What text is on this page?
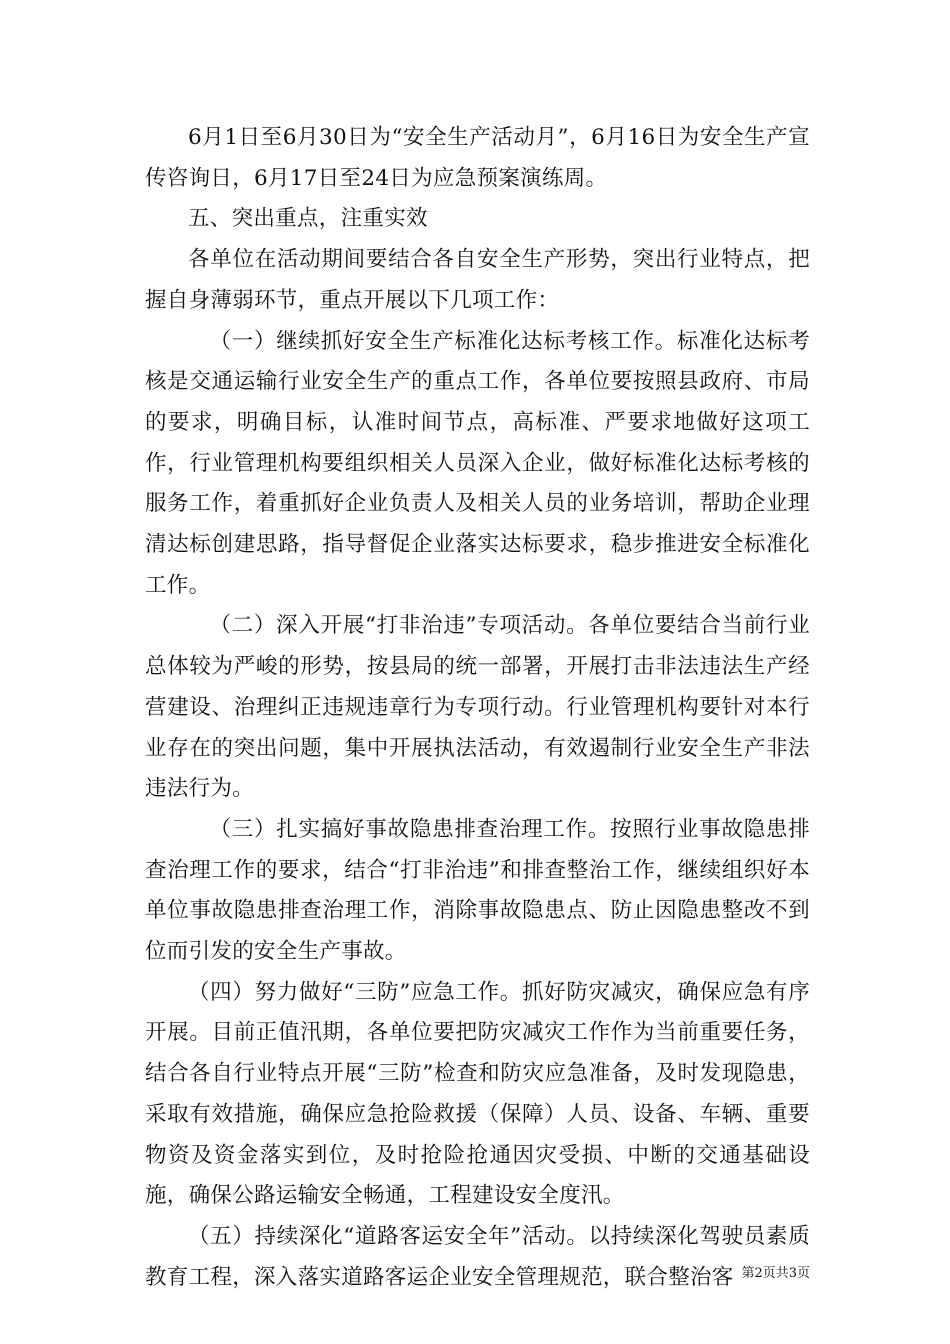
6月1日至6月30日为“安全生产活动月”，6月16日为安全生产宣传咨询日，6月17日至24日为应急预案演练周。

五、突出重点，注重实效

各单位在活动期间要结合各自安全生产形势，突出行业特点，把握自身薄弱环节，重点开展以下几项工作：

（一）继续抓好安全生产标准化达标考核工作。标准化达标考核是交通运输行业安全生产的重点工作，各单位要按照县政府、市局的要求，明确目标，认准时间节点，高标准、严要求地做好这项工作，行业管理机构要组织相关人员深入企业，做好标准化达标考核的服务工作，着重抓好企业负责人及相关人员的业务培训，帮助企业理清达标创建思路，指导督促企业落实达标要求，稳步推进安全标准化工作。

（二）深入开展“打非治违”专项活动。各单位要结合当前行业总体较为严峻的形势，按县局的统一部署，开展打击非法违法生产经营建设、治理纠正违规违章行为专项行动。行业管理机构要针对本行业存在的突出问题，集中开展执法活动，有效遏制行业安全生产非法违法行为。

（三）扎实搞好事故隐患排查治理工作。按照行业事故隐患排查治理工作的要求，结合“打非治违”和排查整治工作，继续组织好本单位事故隐患排查治理工作，消除事故隐患点、防止因隐患整改不到位而引发的安全生产事故。

（四）努力做好“三防”应急工作。抓好防灾减灾，确保应急有序开展。目前正值汛期，各单位要把防灾减灾工作作为当前重要任务，结合各自行业特点开展“三防”检查和防灾应急准备，及时发现隐患，采取有效措施，确保应急抢险救援（保障）人员、设备、车辆、重要物资及资金落实到位，及时抢险抢通因灾受损、中断的交通基础设施，确保公路运输安全畅通，工程建设安全度汛。

（五）持续深化“道路客运安全年”活动。以持续深化驾驶员素质教育工程，深入落实道路客运企业安全管理规范，联合整治客 第2页共3页
